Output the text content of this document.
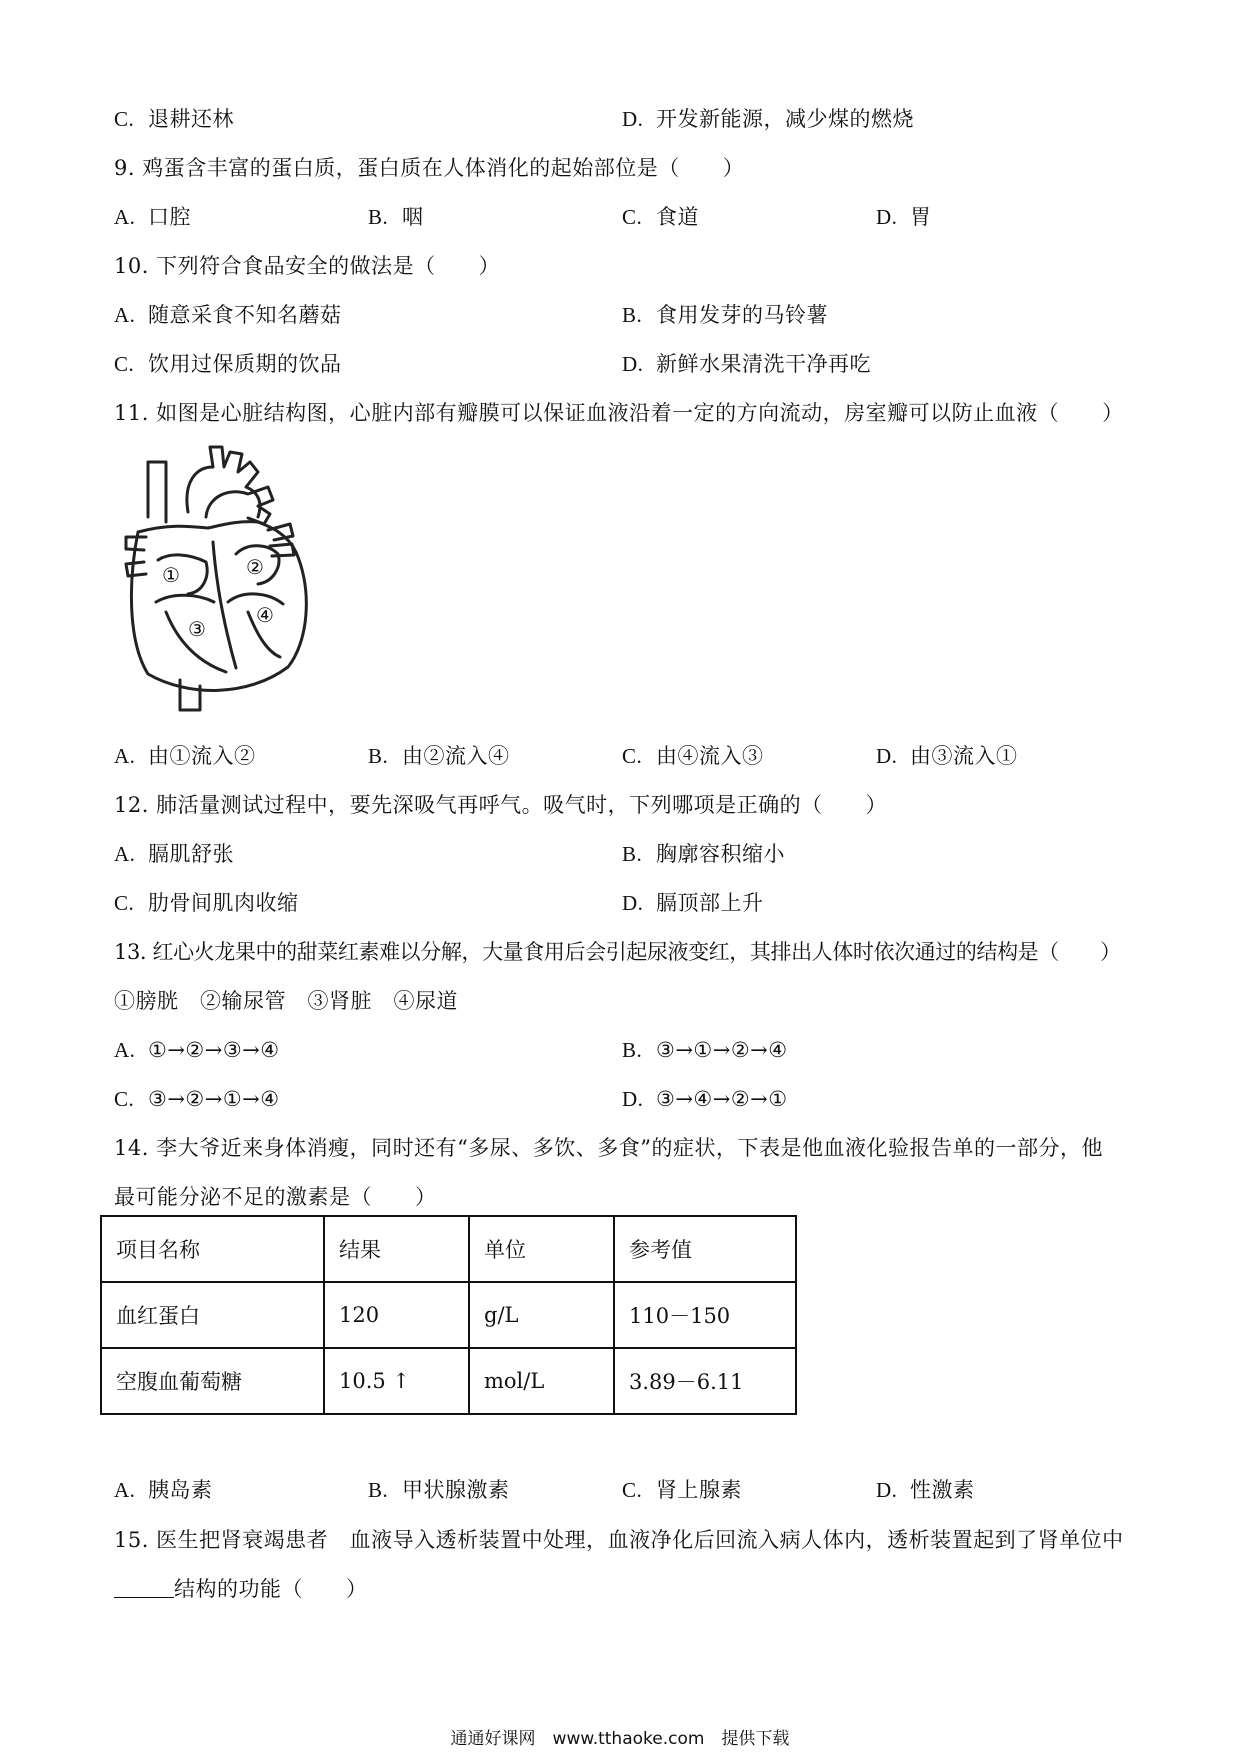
C. 退耕还林	D. 开发新能源，减少煤的燃烧
9. 鸡蛋含丰富的蛋白质，蛋白质在人体消化的起始部位是（　　）
A. 口腔	B. 咽	C. 食道	D. 胃
10. 下列符合食品安全的做法是（　　）
A. 随意采食不知名蘑菇	B. 食用发芽的马铃薯
C. 饮用过保质期的饮品	D. 新鲜水果清洗干净再吃
11. 如图是心脏结构图，心脏内部有瓣膜可以保证血液沿着一定的方向流动，房室瓣可以防止血液（　　）
①	②
③
④
A. 由①流入②	B. 由②流入④	C. 由④流入③	D. 由③流入①
12. 肺活量测试过程中，要先深吸气再呼气。吸气时，下列哪项是正确的（　　）
A. 膈肌舒张	B. 胸廓容积缩小
C. 肋骨间肌肉收缩	D. 膈顶部上升
13. 红心火龙果中的甜菜红素难以分解，大量食用后会引起尿液变红，其排出人体时依次通过的结构是（　　）
①膀胱　②输尿管　③肾脏　④尿道
A. ①→②→③→④	B. ③→①→②→④
C. ③→②→①→④	D. ③→④→②→①
14. 李大爷近来身体消瘦，同时还有“多尿、多饮、多食”的症状，下表是他血液化验报告单的一部分，他
最可能分泌不足的激素是（　　）
项目名称	结果	单位	参考值
血红蛋白	120	g/L	110－150
空腹血葡萄糖	10.5 ↑	mol/L	3.89－6.11
A. 胰岛素	B. 甲状腺激素	C. 肾上腺素	D. 性激素
15. 医生把肾衰竭患者　血液导入透析装置中处理，血液净化后回流入病人体内，透析装置起到了肾单位中
结构的功能（　　）
通通好课网　www.tthaoke.com　提供下载
